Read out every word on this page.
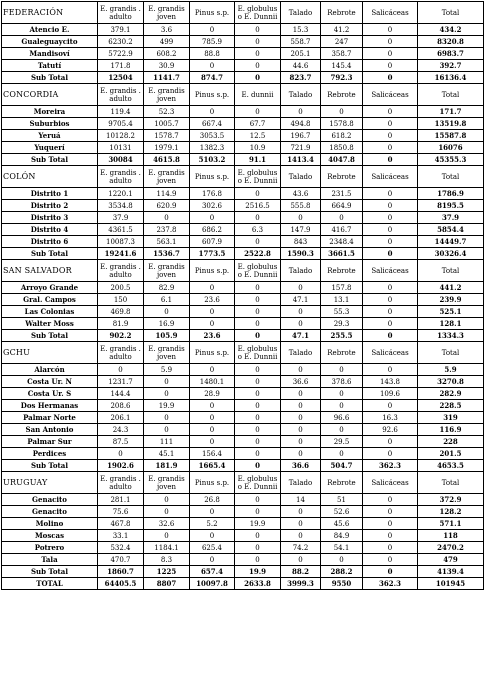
FEDERACIÓN	E. grandis . adulto	E. grandis joven	Pinus s.p.	E. globulus o E. Dunnii	Talado	Rebrote	Salicáceas	Total
Atencio E.	379.1	3.6	0	0	15.3	41.2	0	434.2
Gualeguaycito	6230.2	499	785.9	0	558.7	247	0	8320.8
Mandisoví	5722.9	608.2	88.8	0	205.1	358.7	0	6983.7
Tatutí	171.8	30.9	0	0	44.6	145.4	0	392.7
Sub Total	12504	1141.7	874.7	0	823.7	792.3	0	16136.4
CONCORDIA	E. grandis . adulto	E. grandis joven	Pinus s.p.	E. dunnii	Talado	Rebrote	Salicáceas	Total
Moreira	119.4	52.3	0	0	0	0	0	171.7
Suburbios	9705.4	1005.7	667.4	67.7	494.8	1578.8	0	13519.8
Yeruá	10128.2	1578.7	3053.5	12.5	196.7	618.2	0	15587.8
Yuquerí	10131	1979.1	1382.3	10.9	721.9	1850.8	0	16076
Sub Total	30084	4615.8	5103.2	91.1	1413.4	4047.8	0	45355.3
COLÓN	E. grandis . adulto	E. grandis joven	Pinus s.p.	E. globulus o E. Dunnii	Talado	Rebrote	Salicáceas	Total
Distrito 1	1220.1	114.9	176.8	0	43.6	231.5	0	1786.9
Distrito 2	3534.8	620.9	302.6	2516.5	555.8	664.9	0	8195.5
Distrito 3	37.9	0	0	0	0	0	0	37.9
Distrito 4	4361.5	237.8	686.2	6.3	147.9	416.7	0	5854.4
Distrito 6	10087.3	563.1	607.9	0	843	2348.4	0	14449.7
Sub Total	19241.6	1536.7	1773.5	2522.8	1590.3	3661.5	0	30326.4
SAN SALVADOR	E. grandis . adulto	E. grandis joven	Pinus s.p.	E. globulus o E. Dunnii	Talado	Rebrote	Salicáceas	Total
Arroyo Grande	200.5	82.9	0	0	0	157.8	0	441.2
Gral. Campos	150	6.1	23.6	0	47.1	13.1	0	239.9
Las Colonias	469.8	0	0	0	0	55.3	0	525.1
Walter Moss	81.9	16.9	0	0	0	29.3	0	128.1
Sub Total	902.2	105.9	23.6	0	47.1	255.5	0	1334.3
GCHU	E. grandis . adulto	E. grandis joven	Pinus s.p.	E. globulus o E. Dunnii	Talado	Rebrote	Salicáceas	Total
Alarcón	0	5.9	0	0	0	0	0	5.9
Costa Ur. N	1231.7	0	1480.1	0	36.6	378.6	143.8	3270.8
Costa Ur. S	144.4	0	28.9	0	0	0	109.6	282.9
Dos Hermanas	208.6	19.9	0	0	0	0	0	228.5
Palmar Norte	206.1	0	0	0	0	96.6	16.3	319
San Antonio	24.3	0	0	0	0	0	92.6	116.9
Palmar Sur	87.5	111	0	0	0	29.5	0	228
Perdices	0	45.1	156.4	0	0	0	0	201.5
Sub Total	1902.6	181.9	1665.4	0	36.6	504.7	362.3	4653.5
URUGUAY	E. grandis . adulto	E. grandis joven	Pinus s.p.	E. globulus o E. Dunnii	Talado	Rebrote	Salicáceas	Total
Genacito	281.1	0	26.8	0	14	51	0	372.9
Genacito	75.6	0	0	0	0	52.6	0	128.2
Molino	467.8	32.6	5.2	19.9	0	45.6	0	571.1
Moscas	33.1	0	0	0	0	84.9	0	118
Potrero	532.4	1184.1	625.4	0	74.2	54.1	0	2470.2
Tala	470.7	8.3	0	0	0	0	0	479
Sub Total	1860.7	1225	657.4	19.9	88.2	288.2	0	4139.4
TOTAL	64405.5	8807	10097.8	2633.8	3999.3	9550	362.3	101945
